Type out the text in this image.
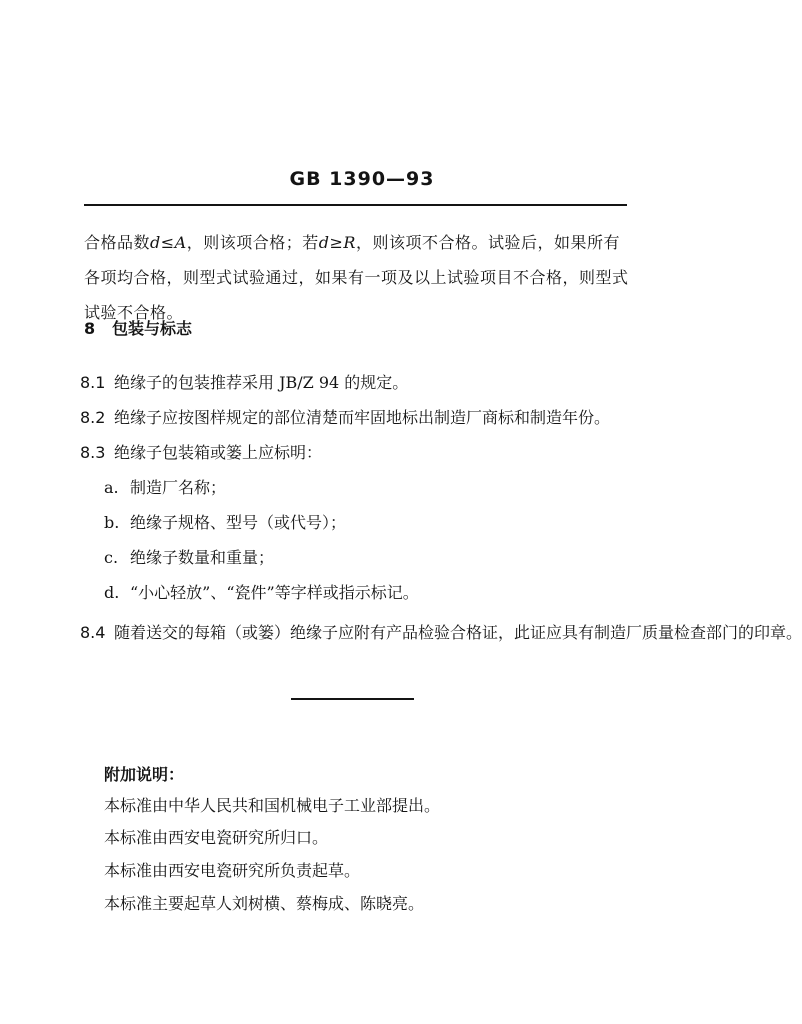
GB 1390—93
合格品数d≤A，则该项合格；若d≥R，则该项不合格。试验后，如果所有各项均合格，则型式试验通过，如果有一项及以上试验项目不合格，则型式试验不合格。
8 包装与标志
8.1 绝缘子的包装推荐采用 JB/Z 94 的规定。
8.2 绝缘子应按图样规定的部位清楚而牢固地标出制造厂商标和制造年份。
8.3 绝缘子包装箱或篓上应标明：
a. 制造厂名称；
b. 绝缘子规格、型号（或代号）；
c. 绝缘子数量和重量；
d. “小心轻放”、“瓷件”等字样或指示标记。
8.4 随着送交的每箱（或篓）绝缘子应附有产品检验合格证，此证应具有制造厂质量检查部门的印章。
附加说明：
本标准由中华人民共和国机械电子工业部提出。
本标准由西安电瓷研究所归口。
本标准由西安电瓷研究所负责起草。
本标准主要起草人刘树横、蔡梅成、陈晓亮。
